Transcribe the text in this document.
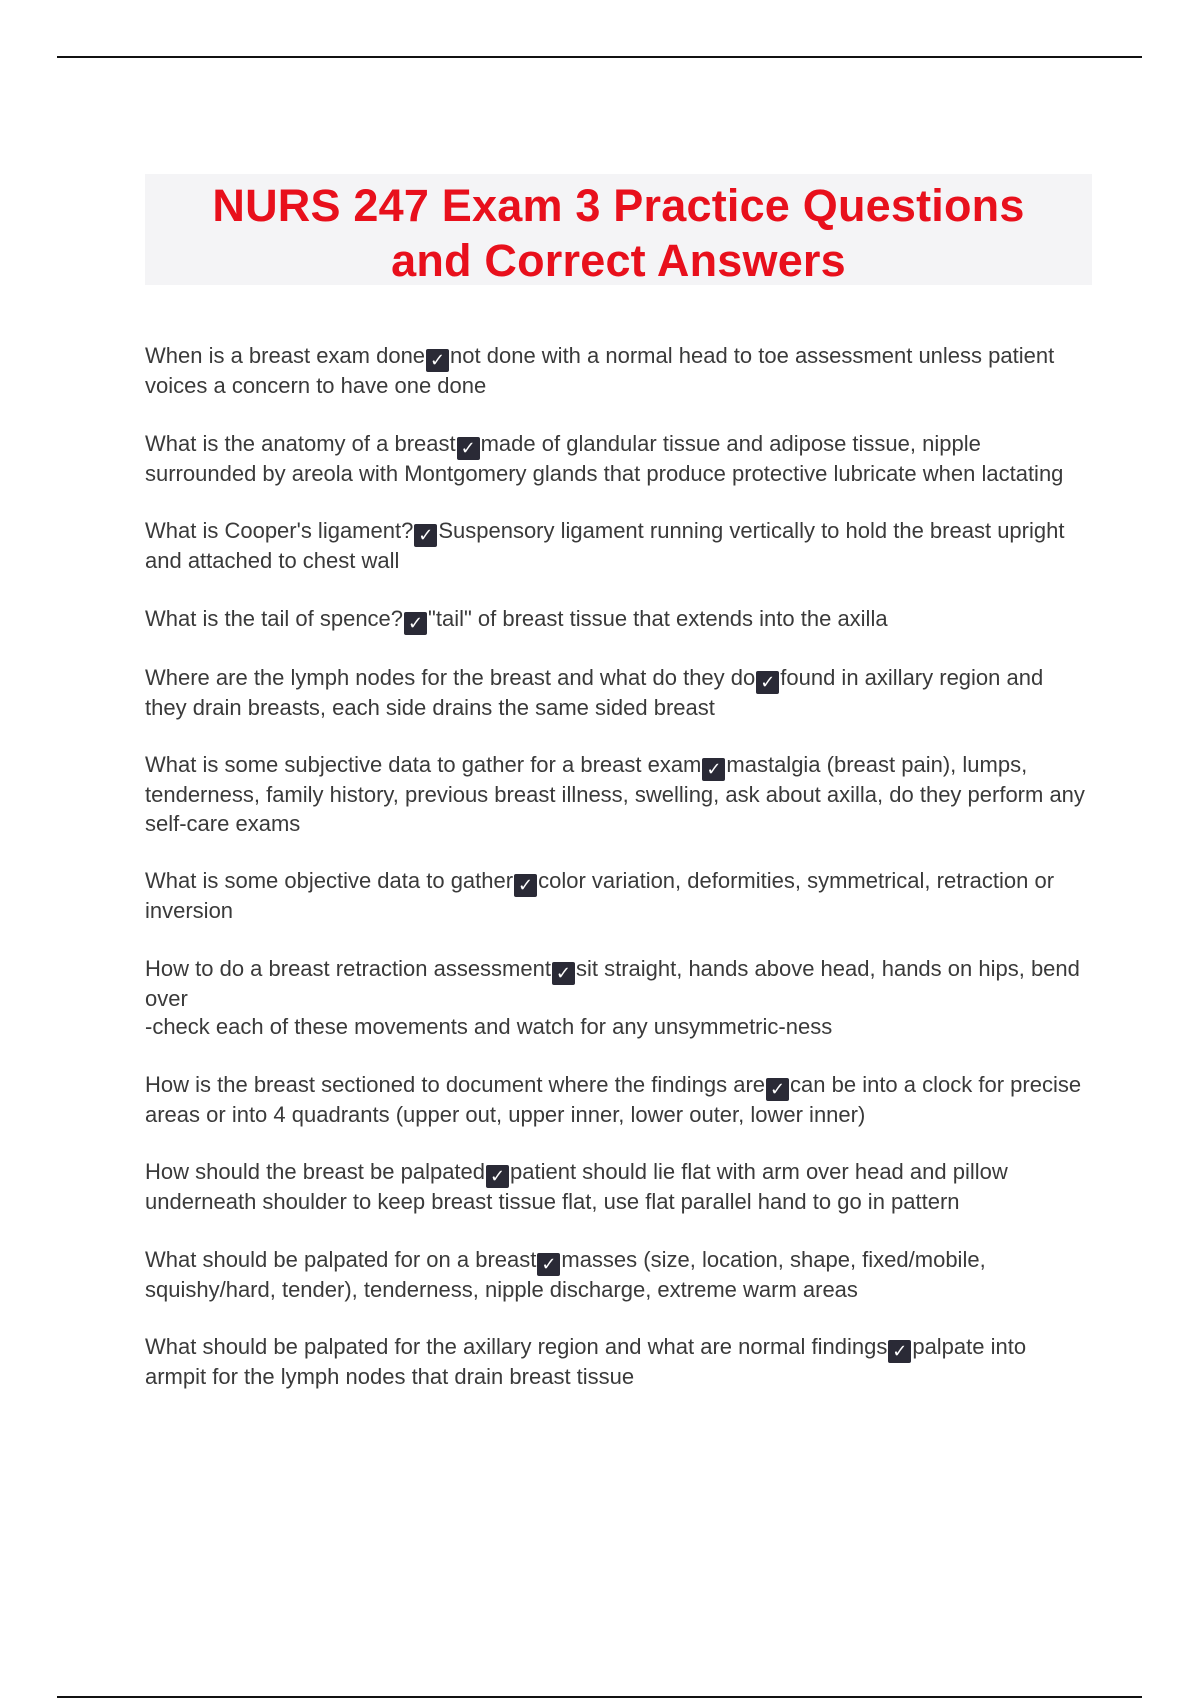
NURS 247 Exam 3 Practice Questions
and Correct Answers

When is a breast exam done ✓ not done with a normal head to toe assessment unless patient voices a concern to have one done

What is the anatomy of a breast ✓ made of glandular tissue and adipose tissue, nipple surrounded by areola with Montgomery glands that produce protective lubricate when lactating

What is Cooper's ligament? ✓ Suspensory ligament running vertically to hold the breast upright and attached to chest wall

What is the tail of spence? ✓ "tail" of breast tissue that extends into the axilla

Where are the lymph nodes for the breast and what do they do ✓ found in axillary region and they drain breasts, each side drains the same sided breast

What is some subjective data to gather for a breast exam ✓ mastalgia (breast pain), lumps, tenderness, family history, previous breast illness, swelling, ask about axilla, do they perform any self-care exams

What is some objective data to gather ✓ color variation, deformities, symmetrical, retraction or inversion

How to do a breast retraction assessment ✓ sit straight, hands above head, hands on hips, bend over
-check each of these movements and watch for any unsymmetric-ness

How is the breast sectioned to document where the findings are ✓ can be into a clock for precise areas or into 4 quadrants (upper out, upper inner, lower outer, lower inner)

How should the breast be palpated ✓ patient should lie flat with arm over head and pillow underneath shoulder to keep breast tissue flat, use flat parallel hand to go in pattern

What should be palpated for on a breast ✓ masses (size, location, shape, fixed/mobile, squishy/hard, tender), tenderness, nipple discharge, extreme warm areas

What should be palpated for the axillary region and what are normal findings ✓ palpate into armpit for the lymph nodes that drain breast tissue
